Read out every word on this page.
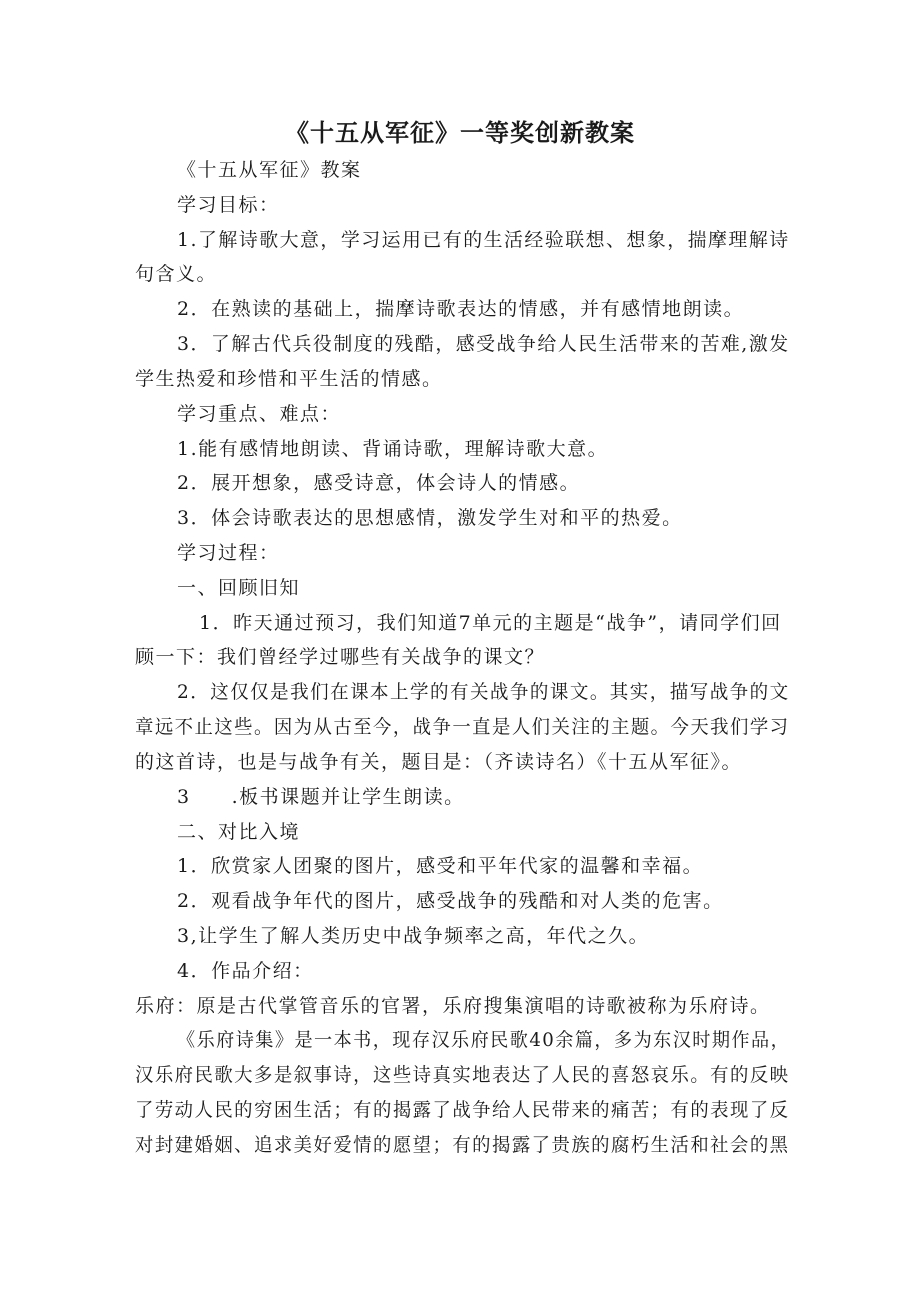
《十五从军征》一等奖创新教案
《十五从军征》教案
学习目标：
1.了解诗歌大意，学习运用已有的生活经验联想、想象，揣摩理解诗
句含义。
2．在熟读的基础上，揣摩诗歌表达的情感，并有感情地朗读。
3．了解古代兵役制度的残酷，感受战争给人民生活带来的苦难,激发
学生热爱和珍惜和平生活的情感。
学习重点、难点：
1.能有感情地朗读、背诵诗歌，理解诗歌大意。
2．展开想象，感受诗意，体会诗人的情感。
3．体会诗歌表达的思想感情，激发学生对和平的热爱。
学习过程：
一、回顾旧知
1．昨天通过预习，我们知道7单元的主题是“战争”，请同学们回
顾一下：我们曾经学过哪些有关战争的课文？
2．这仅仅是我们在课本上学的有关战争的课文。其实，描写战争的文
章远不止这些。因为从古至今，战争一直是人们关注的主题。今天我们学习
的这首诗，也是与战争有关，题目是：（齐读诗名）《十五从军征》。
3　　.板书课题并让学生朗读。
二、对比入境
1．欣赏家人团聚的图片，感受和平年代家的温馨和幸福。
2．观看战争年代的图片，感受战争的残酷和对人类的危害。
3,让学生了解人类历史中战争频率之高，年代之久。
4．作品介绍：
乐府：原是古代掌管音乐的官署，乐府搜集演唱的诗歌被称为乐府诗。
《乐府诗集》是一本书，现存汉乐府民歌40余篇，多为东汉时期作品，
汉乐府民歌大多是叙事诗，这些诗真实地表达了人民的喜怒哀乐。有的反映
了劳动人民的穷困生活；有的揭露了战争给人民带来的痛苦；有的表现了反
对封建婚姻、追求美好爱情的愿望；有的揭露了贵族的腐朽生活和社会的黑
